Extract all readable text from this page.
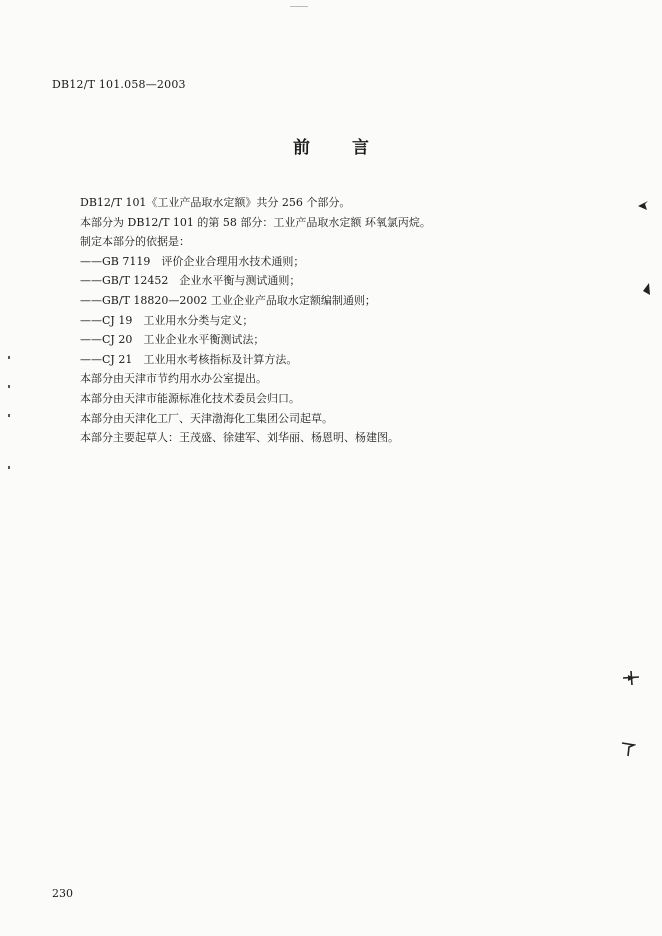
DB12/T 101.058—2003
前 言
DB12/T 101《工业产品取水定额》共分 256 个部分。
本部分为 DB12/T 101 的第 58 部分：工业产品取水定额 环氧氯丙烷。
制定本部分的依据是：
——GB 7119　评价企业合理用水技术通则；
——GB/T 12452　企业水平衡与测试通则；
——GB/T 18820—2002 工业企业产品取水定额编制通则；
——CJ 19　工业用水分类与定义；
——CJ 20　工业企业水平衡测试法；
——CJ 21　工业用水考核指标及计算方法。
本部分由天津市节约用水办公室提出。
本部分由天津市能源标准化技术委员会归口。
本部分由天津化工厂、天津渤海化工集团公司起草。
本部分主要起草人：王茂盛、徐建军、刘华丽、杨恩明、杨建图。
230
